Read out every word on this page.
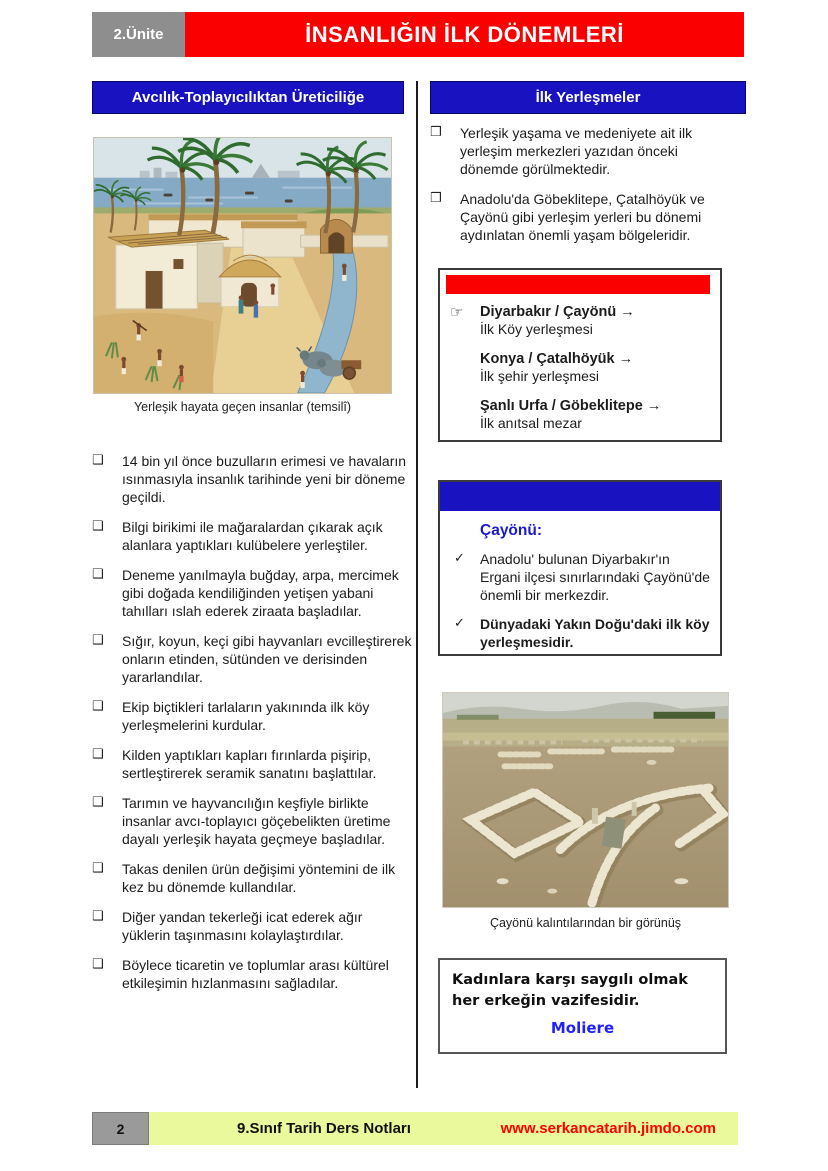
2.Ünite	İNSANLIĞIN İLK DÖNEMLERİ
Avcılık-Toplayıcılıktan Üreticiliğe
Yerleşik hayata geçen insanlar (temsilî)
❑	14 bin yıl önce buzulların erimesi ve havaların ısınmasıyla insanlık tarihinde yeni bir döneme geçildi.
❑	Bilgi birikimi ile mağaralardan çıkarak açık alanlara yaptıkları kulübelere yerleştiler.
❑	Deneme yanılmayla buğday, arpa, mercimek gibi doğada kendiliğinden yetişen yabani tahılları ıslah ederek ziraata başladılar.
❑	Sığır, koyun, keçi gibi hayvanları evcilleştirerek onların etinden, sütünden ve derisinden yararlandılar.
❑	Ekip biçtikleri tarlaların yakınında ilk köy yerleşmelerini kurdular.
❑	Kilden yaptıkları kapları fırınlarda pişirip, sertleştirerek seramik sanatını başlattılar.
❑	Tarımın ve hayvancılığın keşfiyle birlikte insanlar avcı-toplayıcı göçebelikten üretime dayalı yerleşik hayata geçmeye başladılar.
❑	Takas denilen ürün değişimi yöntemini de ilk kez bu dönemde kullandılar.
❑	Diğer yandan tekerleği icat ederek ağır yüklerin taşınmasını kolaylaştırdılar.
❑	Böylece ticaretin ve toplumlar arası kültürel etkileşimin hızlanmasını sağladılar.
İlk Yerleşmeler
❒	Yerleşik yaşama ve medeniyete ait ilk yerleşim merkezleri yazıdan önceki dönemde görülmektedir.
❒	Anadolu'da Göbeklitepe, Çatalhöyük ve Çayönü gibi yerleşim yerleri bu dönemi aydınlatan önemli yaşam bölgeleridir.
☞ Diyarbakır / Çayönü →
İlk Köy yerleşmesi
Konya / Çatalhöyük →
İlk şehir yerleşmesi
Şanlı Urfa / Göbeklitepe →
İlk anıtsal mezar
Çayönü:
✓	Anadolu' bulunan Diyarbakır'ın Ergani ilçesi sınırlarındaki Çayönü'de önemli bir merkezdir.
✓	Dünyadaki Yakın Doğu'daki ilk köy yerleşmesidir.
Çayönü kalıntılarından bir görünüş
Kadınlara karşı saygılı olmak her erkeğin vazifesidir.
Moliere
2	9.Sınıf Tarih Ders Notları	www.serkancatarih.jimdo.com
